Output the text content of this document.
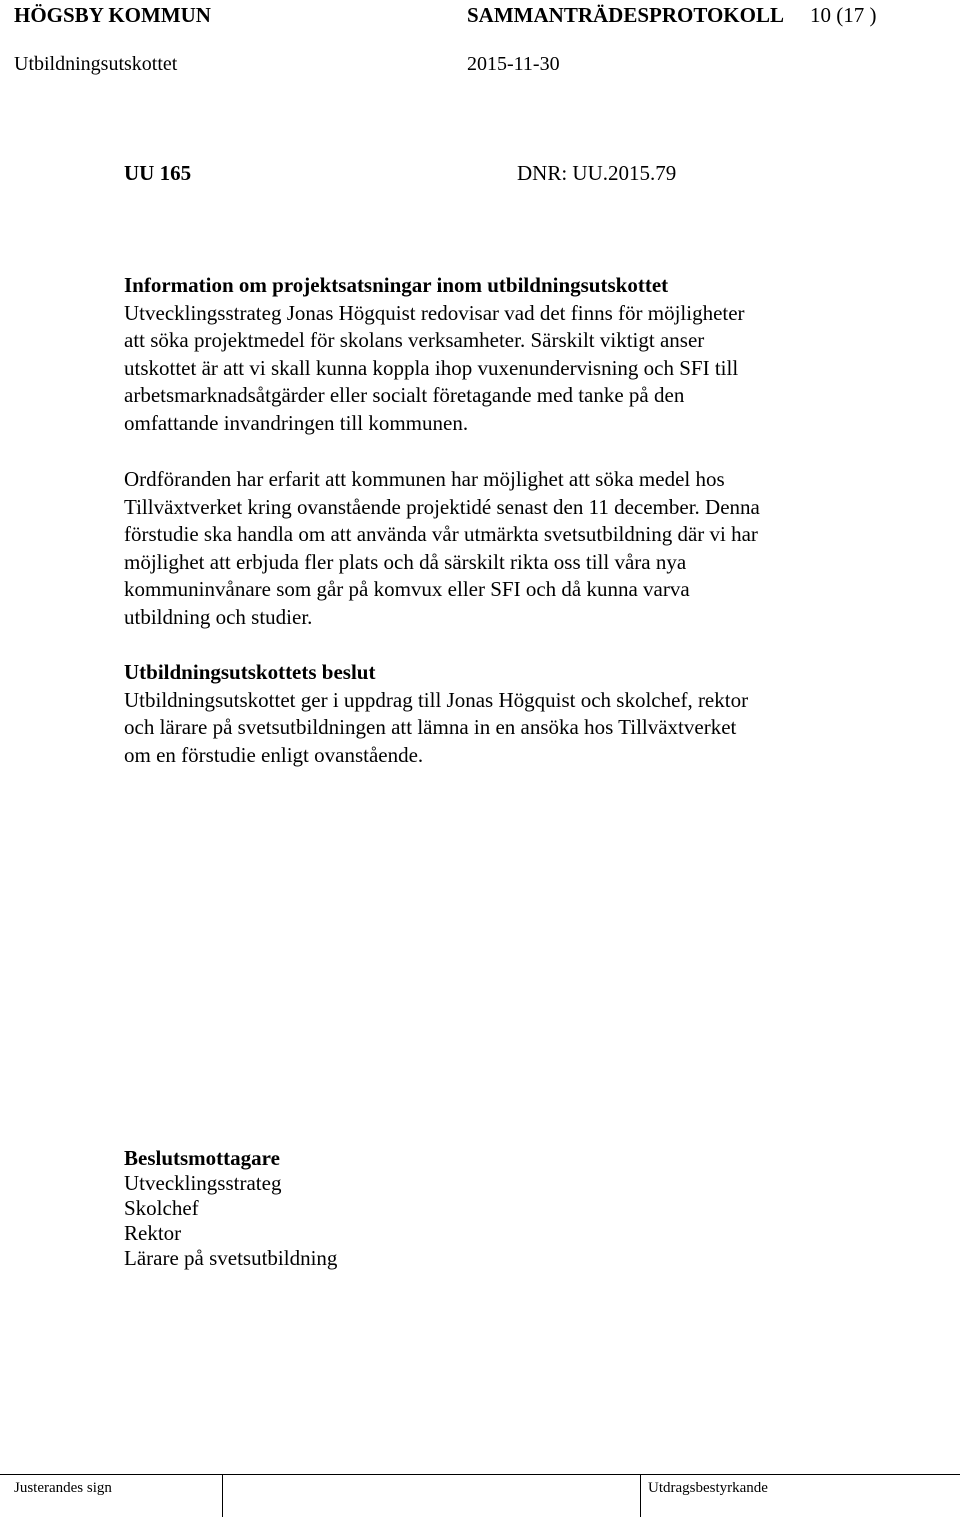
HÖGSBY KOMMUN	SAMMANTRÄDESPROTOKOLL 10 (17 )
Utbildningsutskottet	2015-11-30
UU 165	DNR: UU.2015.79
Information om projektsatsningar inom utbildningsutskottet
Utvecklingsstrateg Jonas Högquist redovisar vad det finns för möjligheter
att söka projektmedel för skolans verksamheter. Särskilt viktigt anser
utskottet är att vi skall kunna koppla ihop vuxenundervisning och SFI till
arbetsmarknadsåtgärder eller socialt företagande med tanke på den
omfattande invandringen till kommunen.
Ordföranden har erfarit att kommunen har möjlighet att söka medel hos
Tillväxtverket kring ovanstående projektidé senast den 11 december. Denna
förstudie ska handla om att använda vår utmärkta svetsutbildning där vi har
möjlighet att erbjuda fler plats och då särskilt rikta oss till våra nya
kommuninvånare som går på komvux eller SFI och då kunna varva
utbildning och studier.
Utbildningsutskottets beslut
Utbildningsutskottet ger i uppdrag till Jonas Högquist och skolchef, rektor
och lärare på svetsutbildningen att lämna in en ansöka hos Tillväxtverket
om en förstudie enligt ovanstående.
Beslutsmottagare
Utvecklingsstrateg
Skolchef
Rektor
Lärare på svetsutbildning
Justerandes sign	Utdragsbestyrkande
